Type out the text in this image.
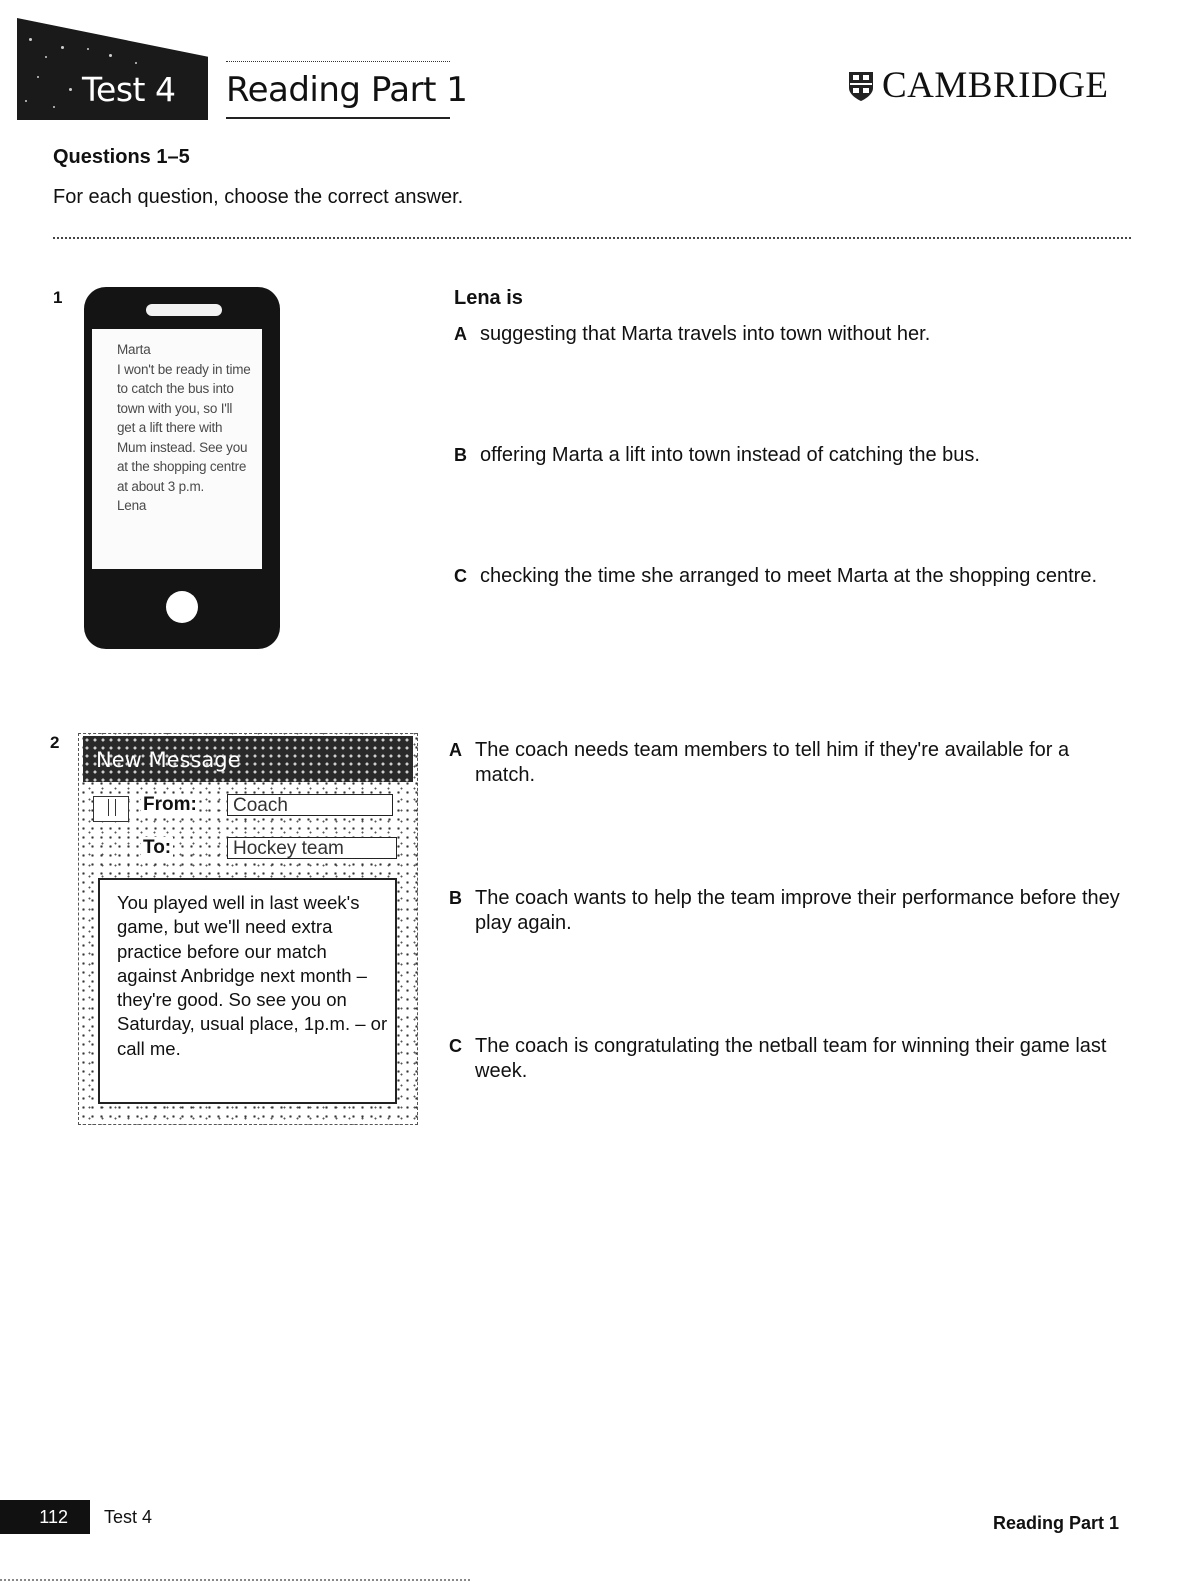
Test 4 Reading Part 1	CAMBRIDGE
Questions 1–5
For each question, choose the correct answer.
1
Marta
I won't be ready in time to catch the bus into town with you, so I'll get a lift there with Mum instead. See you at the shopping centre at about 3 p.m.
Lena
Lena is
A suggesting that Marta travels into town without her.
B offering Marta a lift into town instead of catching the bus.
C checking the time she arranged to meet Marta at the shopping centre.
2
New Message
From:	Coach
To:	Hockey team
You played well in last week's game, but we'll need extra practice before our match against Anbridge next month – they're good. So see you on Saturday, usual place, 1p.m. – or call me.
A The coach needs team members to tell him if they're available for a match.
B The coach wants to help the team improve their performance before they play again.
C The coach is congratulating the netball team for winning their game last week.
112	Test 4	Reading Part 1
